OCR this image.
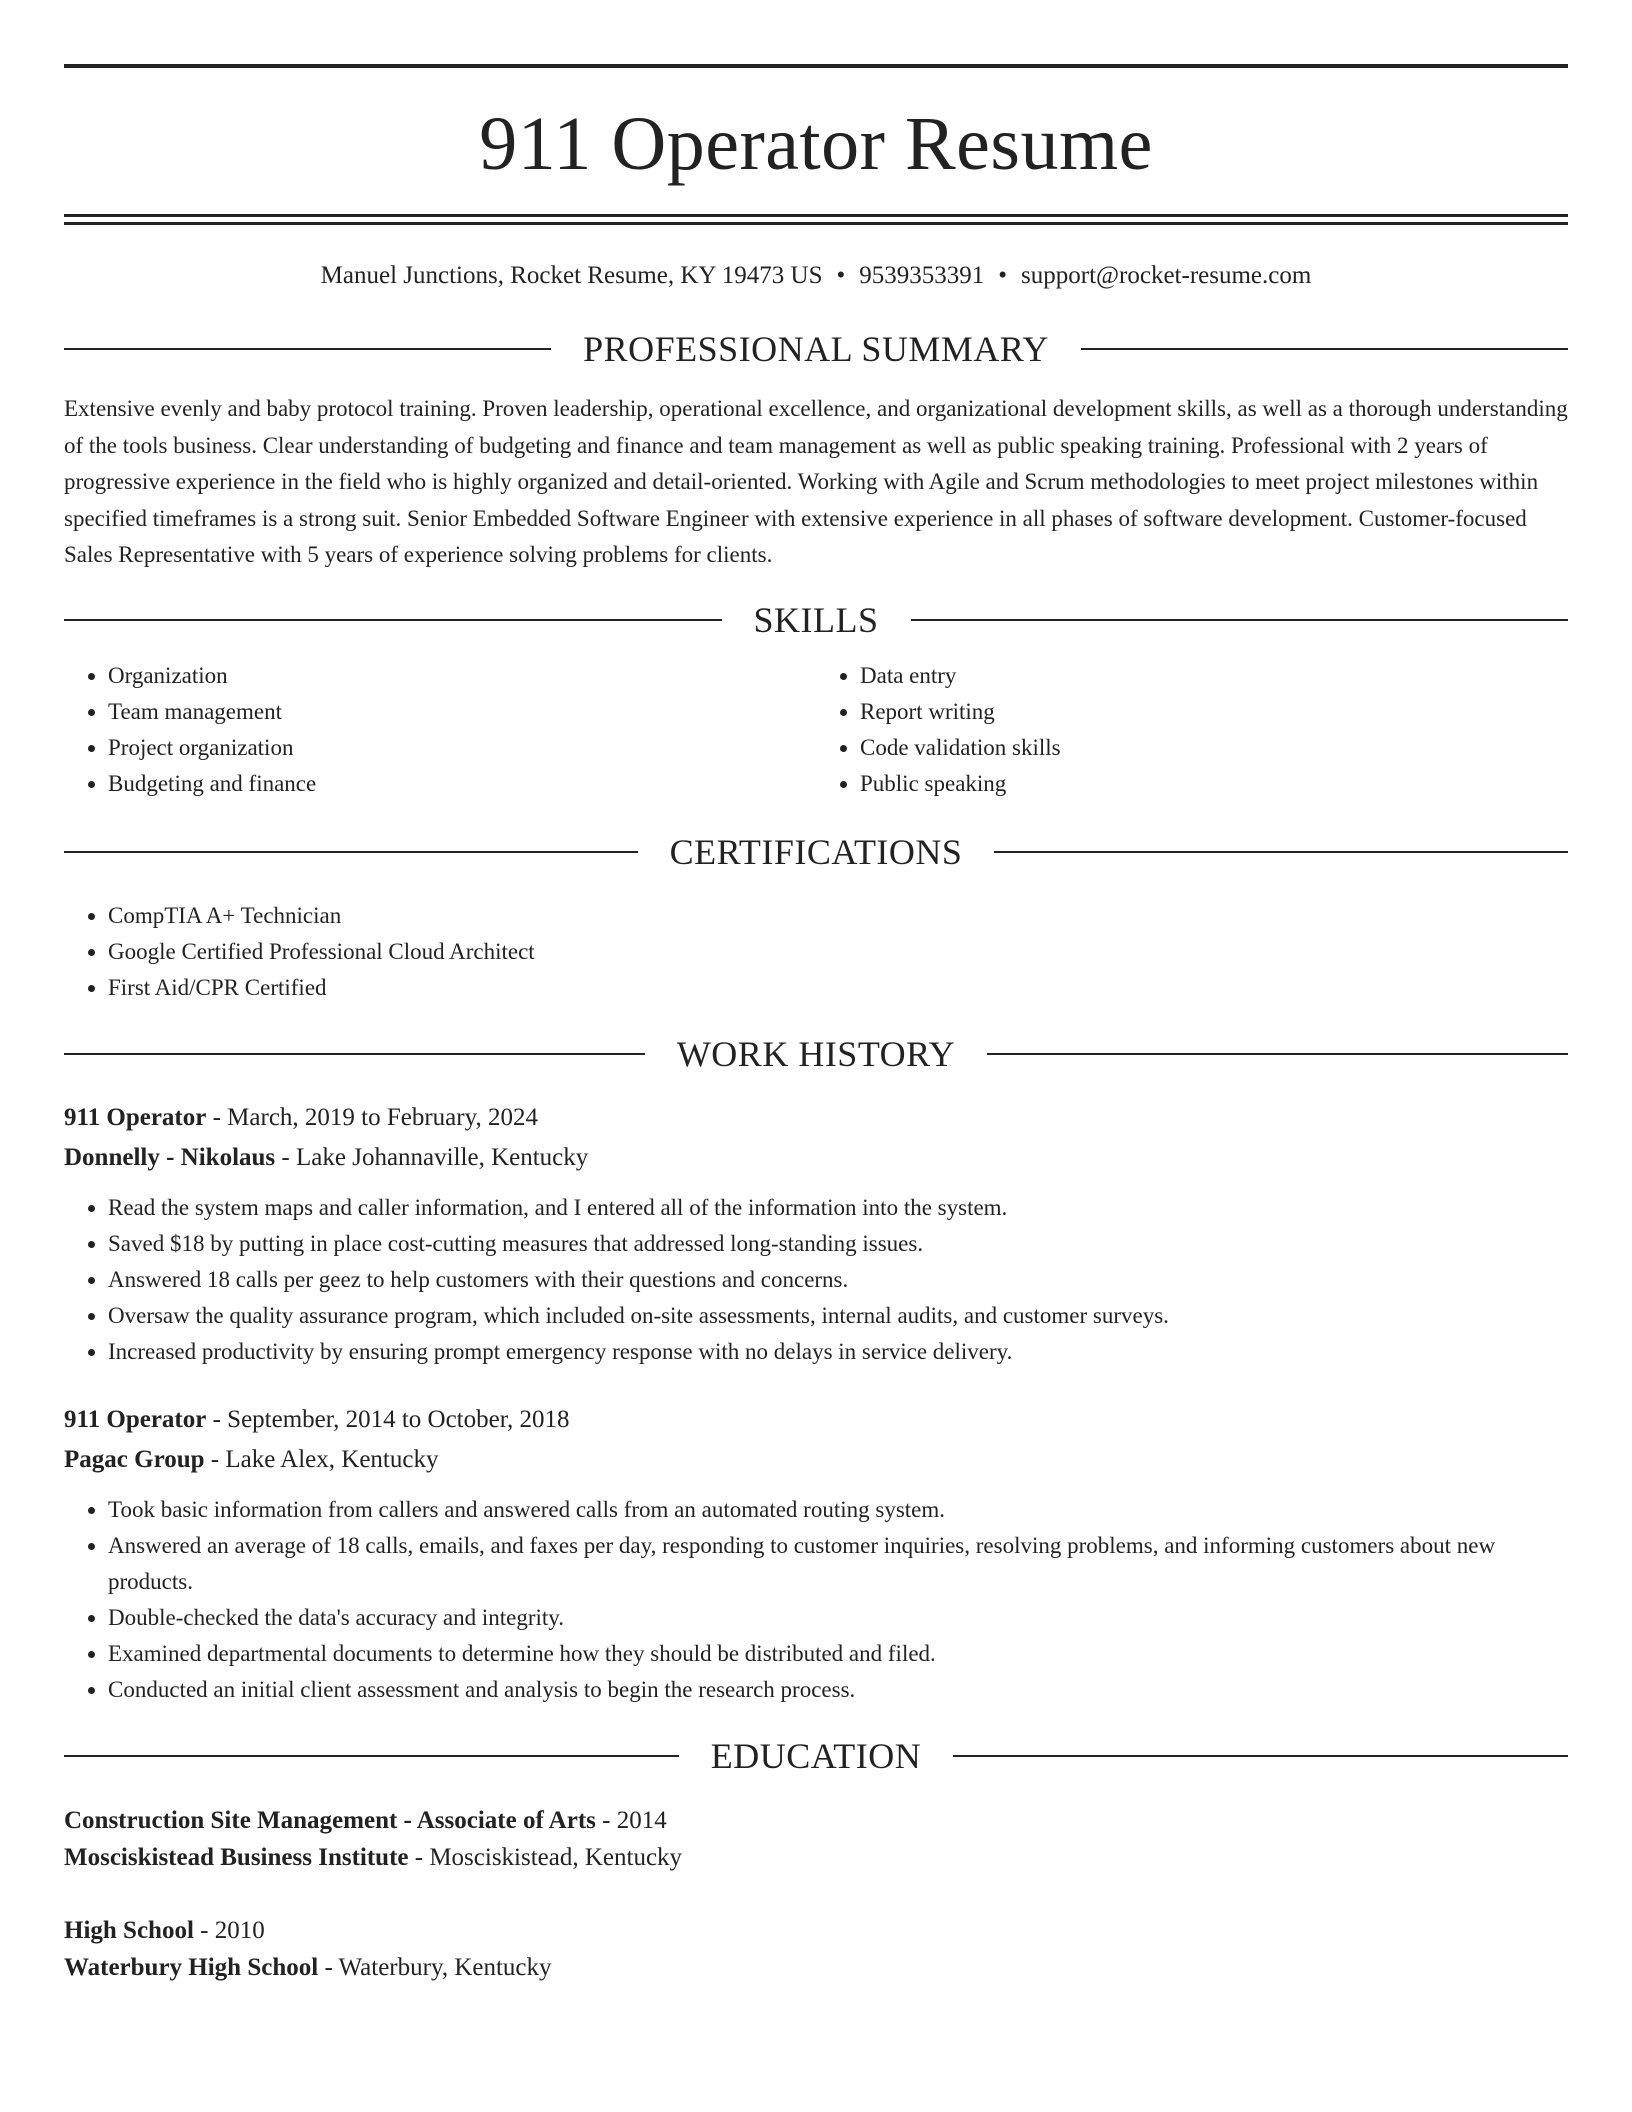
911 Operator Resume
Manuel Junctions, Rocket Resume, KY 19473 US • 9539353391 • support@rocket-resume.com
PROFESSIONAL SUMMARY

Extensive evenly and baby protocol training. Proven leadership, operational excellence, and organizational development skills, as well as a thorough understanding of the tools business. Clear understanding of budgeting and finance and team management as well as public speaking training. Professional with 2 years of progressive experience in the field who is highly organized and detail-oriented. Working with Agile and Scrum methodologies to meet project milestones within specified timeframes is a strong suit. Senior Embedded Software Engineer with extensive experience in all phases of software development. Customer-focused Sales Representative with 5 years of experience solving problems for clients.

SKILLS
• Organization
• Team management
• Project organization
• Budgeting and finance
• Data entry
• Report writing
• Code validation skills
• Public speaking
CERTIFICATIONS
• CompTIA A+ Technician
• Google Certified Professional Cloud Architect
• First Aid/CPR Certified
WORK HISTORY
911 Operator - March, 2019 to February, 2024
Donnelly - Nikolaus - Lake Johannaville, Kentucky
• Read the system maps and caller information, and I entered all of the information into the system.
• Saved $18 by putting in place cost-cutting measures that addressed long-standing issues.
• Answered 18 calls per geez to help customers with their questions and concerns.
• Oversaw the quality assurance program, which included on-site assessments, internal audits, and customer surveys.
• Increased productivity by ensuring prompt emergency response with no delays in service delivery.
911 Operator - September, 2014 to October, 2018
Pagac Group - Lake Alex, Kentucky
• Took basic information from callers and answered calls from an automated routing system.
• Answered an average of 18 calls, emails, and faxes per day, responding to customer inquiries, resolving problems, and informing customers about new products.
• Double-checked the data's accuracy and integrity.
• Examined departmental documents to determine how they should be distributed and filed.
• Conducted an initial client assessment and analysis to begin the research process.
EDUCATION
Construction Site Management - Associate of Arts - 2014
Mosciskistead Business Institute - Mosciskistead, Kentucky
High School - 2010
Waterbury High School - Waterbury, Kentucky
